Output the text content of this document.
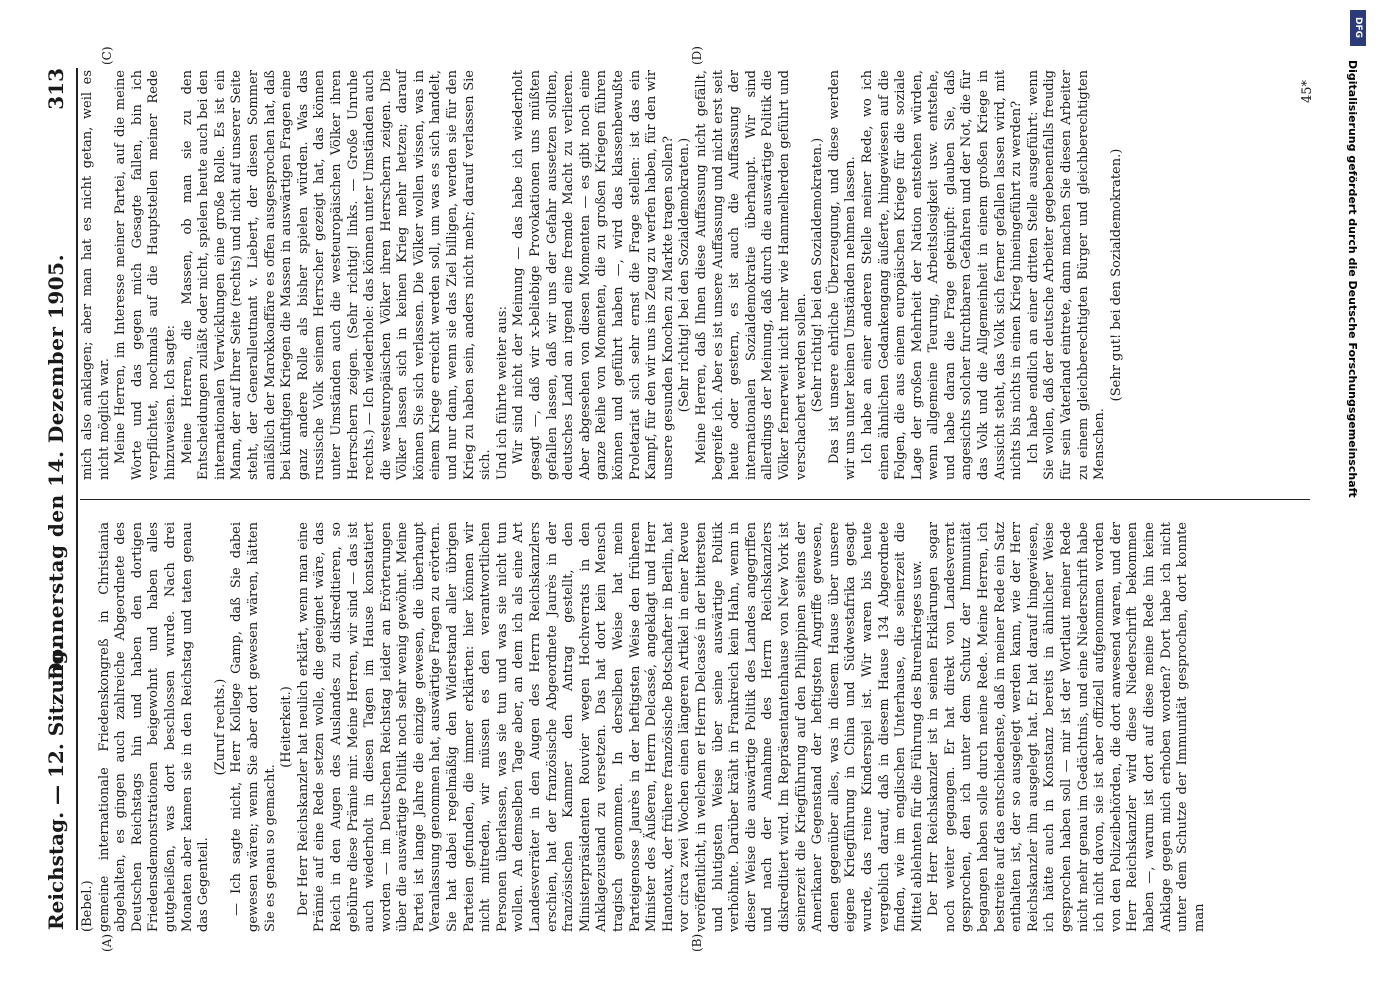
Reichstag. — 12. Sitzung.
Donnerstag den 14. Dezember 1905.
313

(Bebel.) gemeine internationale Friedenskongreß in Christiania abgehalten, es gingen auch zahlreiche Abgeordnete des Deutschen Reichstags hin und haben den dortigen Friedensdemonstrationen beigewohnt und haben alles gutgeheißen, was dort beschlossen wurde. Nach drei Monaten aber kamen sie in den Reichstag und taten genau das Gegenteil.

(Zuruf rechts.) — Ich sagte nicht, Herr Kollege Gamp, daß Sie dabei gewesen wären; wenn Sie aber dort gewesen wären, hätten Sie es genau so gemacht.

(Heiterkeit.) Der Herr Reichskanzler hat neulich erklärt, wenn man eine Prämie auf eine Rede setzen wolle, die geeignet wäre, das Reich in den Augen des Auslandes zu diskreditieren, so gebühre diese Prämie mir. Meine Herren, wir sind — das ist auch wiederholt in diesen Tagen im Hause konstatiert worden — im Deutschen Reichstag leider an Erörterungen über die auswärtige Politik noch sehr wenig gewöhnt. Meine Partei ist lange Jahre die einzige gewesen, die überhaupt Veranlassung genommen hat, auswärtige Fragen zu erörtern. Sie hat dabei regelmäßig den Widerstand aller übrigen Parteien gefunden, die immer erklärten: hier können wir nicht mitreden, wir müssen es den verantwortlichen Personen überlassen, was sie tun und was sie nicht tun wollen. An demselben Tage aber, an dem ich als eine Art Landesverräter in den Augen des Herrn Reichskanzlers erschien, hat der französische Abgeordnete Jaurès in der französischen Kammer den Antrag gestellt, den Ministerpräsidenten Rouvier wegen Hochverrats in den Anklagezustand zu versetzen. Das hat dort kein Mensch tragisch genommen. In derselben Weise hat mein Parteigenosse Jaurès in der heftigsten Weise den früheren Minister des Äußeren, Herrn Delcassé, angeklagt und Herr Hanotaux, der frühere französische Botschafter in Berlin, hat vor circa zwei Wochen einen längeren Artikel in einer Revue veröffentlicht, in welchem er Herrn Delcassé in der bittersten und blutigsten Weise über seine auswärtige Politik verhöhnte. Darüber kräht in Frankreich kein Hahn, wenn in dieser Weise die auswärtige Politik des Landes angegriffen und nach der Annahme des Herrn Reichskanzlers diskreditiert wird. Im Repräsentantenhause von New York ist seinerzeit die Kriegführung auf den Philippinen seitens der Amerikaner Gegenstand der heftigsten Angriffe gewesen, denen gegenüber alles, was in diesem Hause über unsere eigene Kriegführung in China und Südwestafrika gesagt wurde, das reine Kinderspiel ist. Wir waren bis heute vergeblich darauf, daß in diesem Hause 134 Abgeordnete finden, wie im englischen Unterhause, die seinerzeit die Mittel ablehnten für die Führung des Burenkrieges usw. Der Herr Reichskanzler ist in seinen Erklärungen sogar noch weiter gegangen. Er hat direkt von Landesverrat gesprochen, den ich unter dem Schutz der Immunität begangen haben solle durch meine Rede. Meine Herren, ich bestreite auf das entschiedenste, daß in meiner Rede ein Satz enthalten ist, der so ausgelegt werden kann, wie der Herr Reichskanzler ihn ausgelegt hat. Er hat darauf hingewiesen, ich hätte auch in Konstanz bereits in ähnlicher Weise gesprochen haben soll — mir ist der Wortlaut meiner Rede nicht mehr genau im Gedächtnis, und eine Niederschrift habe ich nicht davon, sie ist aber offiziell aufgenommen worden von den Polizeibehörden, die dort anwesend waren, und der Herr Reichskanzler wird diese Niederschrift bekommen haben —, warum ist dort auf diese meine Rede hin keine Anklage gegen mich erhoben worden? Dort habe ich nicht unter dem Schutze der Immunität gesprochen, dort konnte man

mich also anklagen; aber man hat es nicht getan, weil es nicht möglich war. Meine Herren, im Interesse meiner Partei, auf die meine Worte und das gegen mich Gesagte fallen, bin ich verpflichtet, nochmals auf die Hauptstellen meiner Rede hinzuweisen. Ich sagte: Meine Herren, die Massen, ob man sie zu den Entscheidungen zuläßt oder nicht, spielen heute auch bei den internationalen Verwicklungen eine große Rolle. Es ist ein Mann, der auf Ihrer Seite (rechts) und nicht auf unserer Seite steht, der Generalleutnant v. Liebert, der diesen Sommer anläßlich der Marokkoaffäre es offen ausgesprochen hat, daß bei künftigen Kriegen die Massen in auswärtigen Fragen eine ganz andere Rolle als bisher spielen würden. Was das russische Volk seinem Herrscher gezeigt hat, das können unter Umständen auch die westeuropäischen Völker ihren Herrschern zeigen. (Sehr richtig! links. — Große Unruhe rechts.) — Ich wiederhole: das können unter Umständen auch die westeuropäischen Völker ihren Herrschern zeigen. Die Völker lassen sich in keinen Krieg mehr hetzen; darauf können Sie sich verlassen. Die Völker wollen wissen, was in einem Kriege erreicht werden soll, um was es sich handelt, und nur dann, wenn sie das Ziel billigen, werden sie für den Krieg zu haben sein, anders nicht mehr; darauf verlassen Sie sich. Und ich führte weiter aus: Wir sind nicht der Meinung — das habe ich wiederholt gesagt —, daß wir x-beliebige Provokationen uns müßten gefallen lassen, daß wir uns der Gefahr aussetzen sollten, deutsches Land an irgend eine fremde Macht zu verlieren. Aber abgesehen von diesen Momenten — es gibt noch eine ganze Reihe von Momenten, die zu großen Kriegen führen können und geführt haben —, wird das klassenbewußte Proletariat sich sehr ernst die Frage stellen: ist das ein Kampf, für den wir uns ins Zeug zu werfen haben, für den wir unsere gesunden Knochen zu Markte tragen sollen? (Sehr richtig! bei den Sozialdemokraten.) Meine Herren, daß Ihnen diese Auffassung nicht gefällt, begreife ich. Aber es ist unsere Auffassung und nicht erst seit heute oder gestern, es ist auch die Auffassung der internationalen Sozialdemokratie überhaupt. Wir sind allerdings der Meinung, daß durch die auswärtige Politik die Völker fernerweit nicht mehr wie Hammelherden geführt und verschachert werden sollen. (Sehr richtig! bei den Sozialdemokraten.) Das ist unsere ehrliche Überzeugung, und diese werden wir uns unter keinen Umständen nehmen lassen. Ich habe an einer anderen Stelle meiner Rede, wo ich einen ähnlichen Gedankengang äußerte, hingewiesen auf die Folgen, die aus einem europäischen Kriege für die soziale Lage der großen Mehrheit der Nation entstehen würden, wenn allgemeine Teurung, Arbeitslosigkeit usw. entstehe, und habe daran die Frage geknüpft: glauben Sie, daß angesichts solcher furchtbaren Gefahren und der Not, die für das Volk und die Allgemeinheit in einem großen Kriege in Aussicht steht, das Volk sich ferner gefallen lassen wird, mit nichts bis nichts in einen Krieg hineingeführt zu werden? Ich habe endlich an einer dritten Stelle ausgeführt: wenn Sie wollen, daß der deutsche Arbeiter gegebenenfalls freudig für sein Vaterland eintrete, dann machen Sie diesen Arbeiter zu einem gleichberechtigten Bürger und gleichberechtigten Menschen.

(Sehr gut! bei den Sozialdemokraten.)

(A)	(B)
(C)	(D)
45*
DFG
Digitalisierung gefördert durch die Deutsche Forschungsgemeinschaft
